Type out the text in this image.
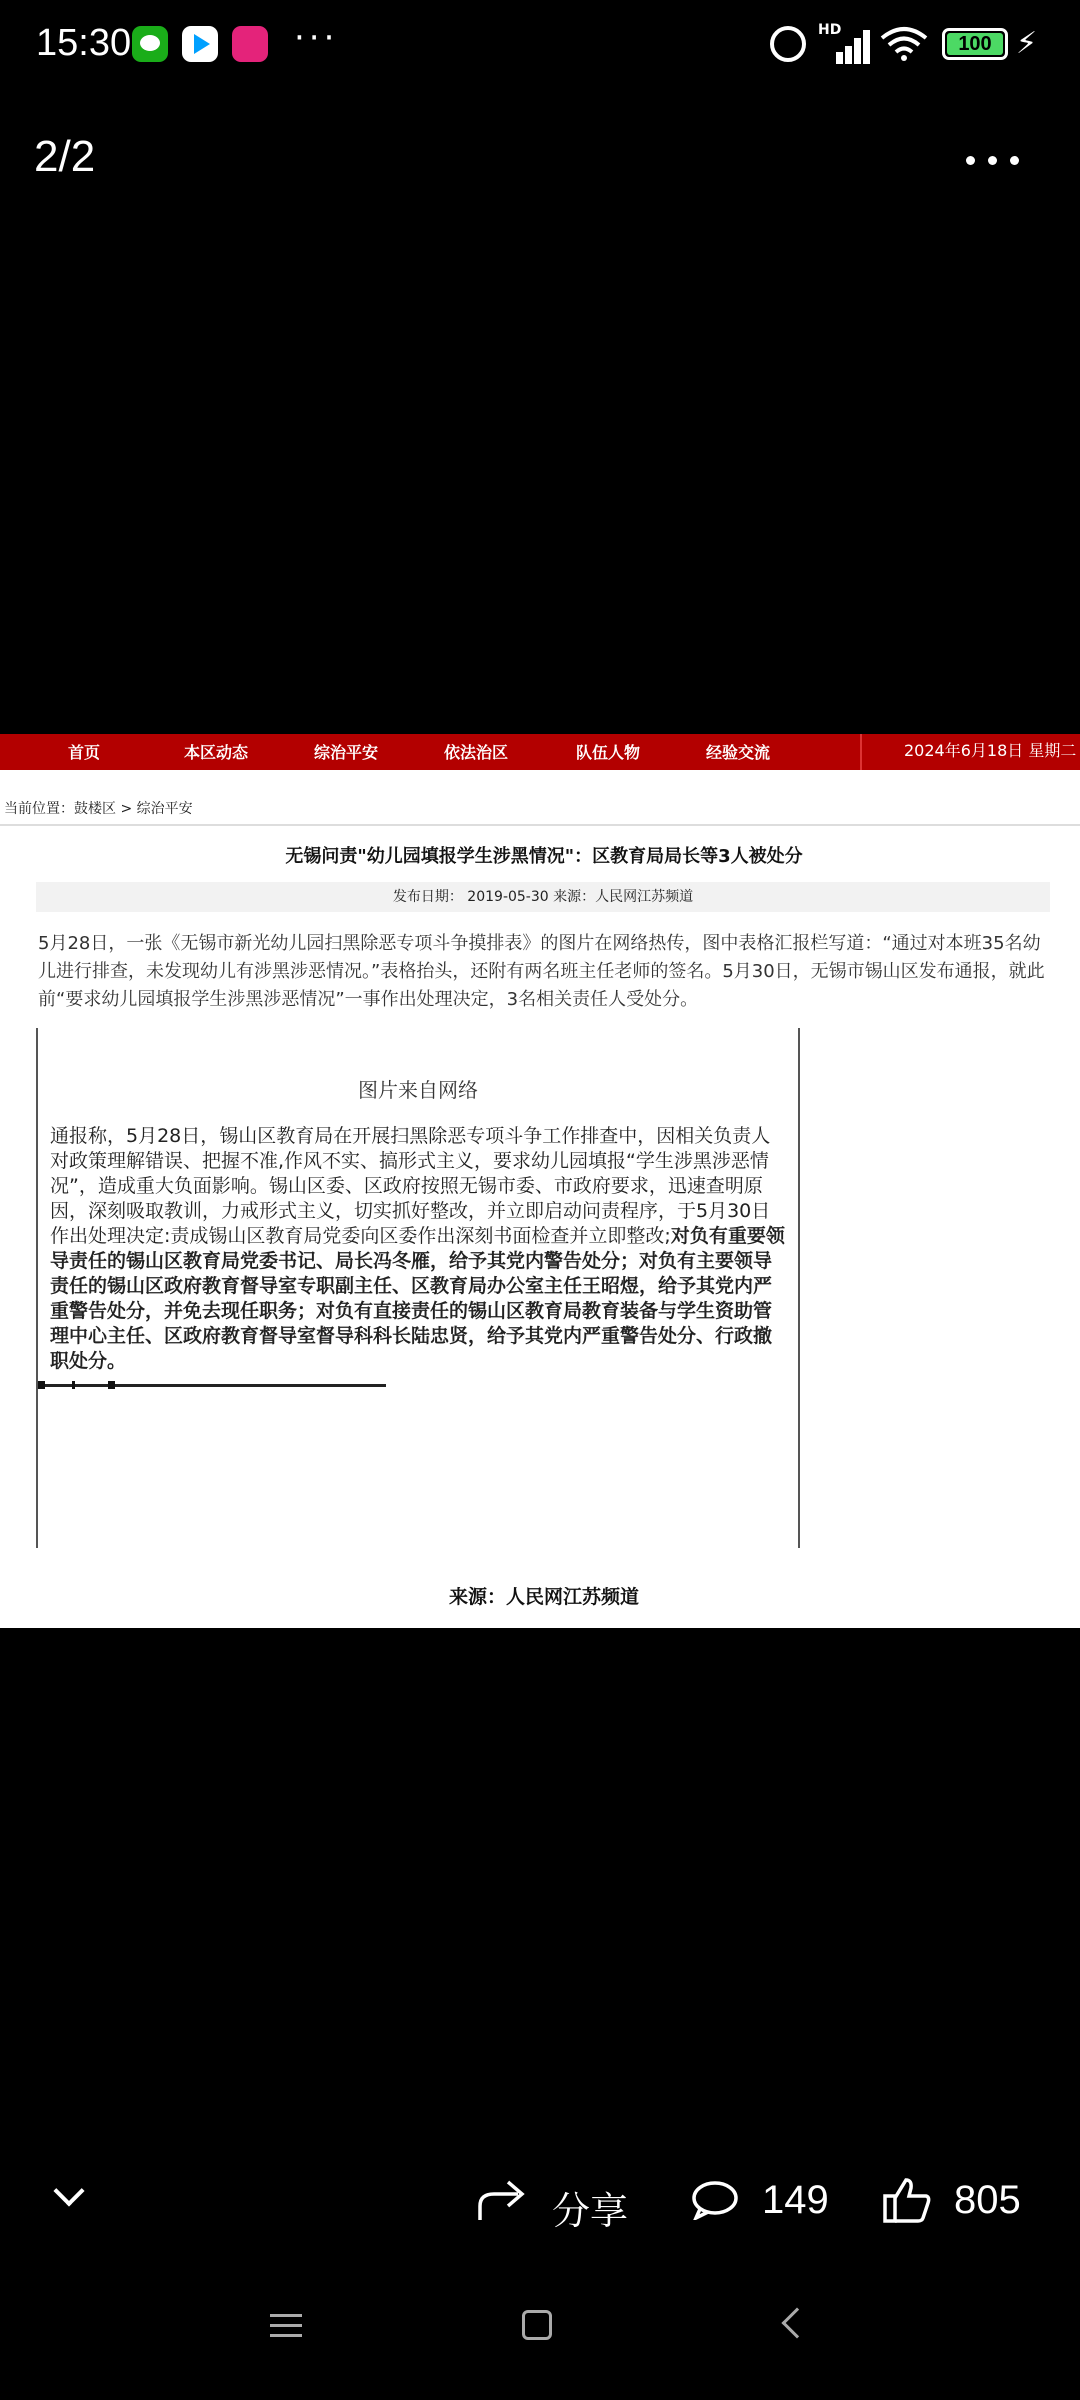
15:30	···	HD
100 ⚡
2/2
首页	本区动态	综治平安	依法治区	队伍人物	经验交流	2024年6月18日 星期二
当前位置：鼓楼区 > 综治平安
无锡问责"幼儿园填报学生涉黑情况"：区教育局局长等3人被处分
发布日期： 2019-05-30 来源：人民网江苏频道
5月28日，一张《无锡市新光幼儿园扫黑除恶专项斗争摸排表》的图片在网络热传，图中表格汇报栏写道：“通过对本班35名幼儿进行排查，未发现幼儿有涉黑涉恶情况。”表格抬头，还附有两名班主任老师的签名。5月30日，无锡市锡山区发布通报，就此前“要求幼儿园填报学生涉黑涉恶情况”一事作出处理决定，3名相关责任人受处分。
图片来自网络
通报称，5月28日，锡山区教育局在开展扫黑除恶专项斗争工作排查中，因相关负责人对政策理解错误、把握不准,作风不实、搞形式主义，要求幼儿园填报“学生涉黑涉恶情况”，造成重大负面影响。锡山区委、区政府按照无锡市委、市政府要求，迅速查明原因，深刻吸取教训，力戒形式主义，切实抓好整改，并立即启动问责程序，于5月30日作出处理决定:责成锡山区教育局党委向区委作出深刻书面检查并立即整改;对负有重要领导责任的锡山区教育局党委书记、局长冯冬雁，给予其党内警告处分；对负有主要领导责任的锡山区政府教育督导室专职副主任、区教育局办公室主任王昭煜，给予其党内严重警告处分，并免去现任职务；对负有直接责任的锡山区教育局教育装备与学生资助管理中心主任、区政府教育督导室督导科科长陆忠贤，给予其党内严重警告处分、行政撤职处分。
来源：人民网江苏频道
分享	149	805
